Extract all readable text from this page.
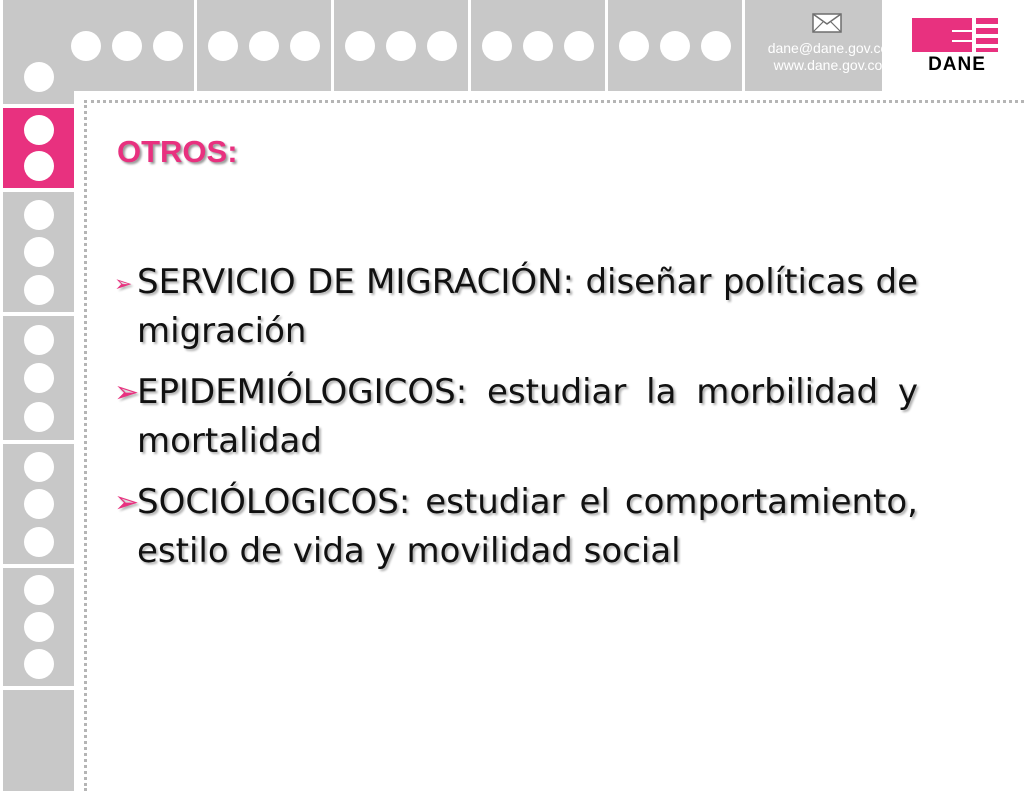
dane@dane.gov.co
www.dane.gov.co	DANE
OTROS:
➢ SERVICIO DE MIGRACIÓN: diseñar políticas de migración
➢
EPIDEMIÓLOGICOS: estudiar la morbilidad y mortalidad
➢
SOCIÓLOGICOS: estudiar el comportamiento, estilo de vida y movilidad social
